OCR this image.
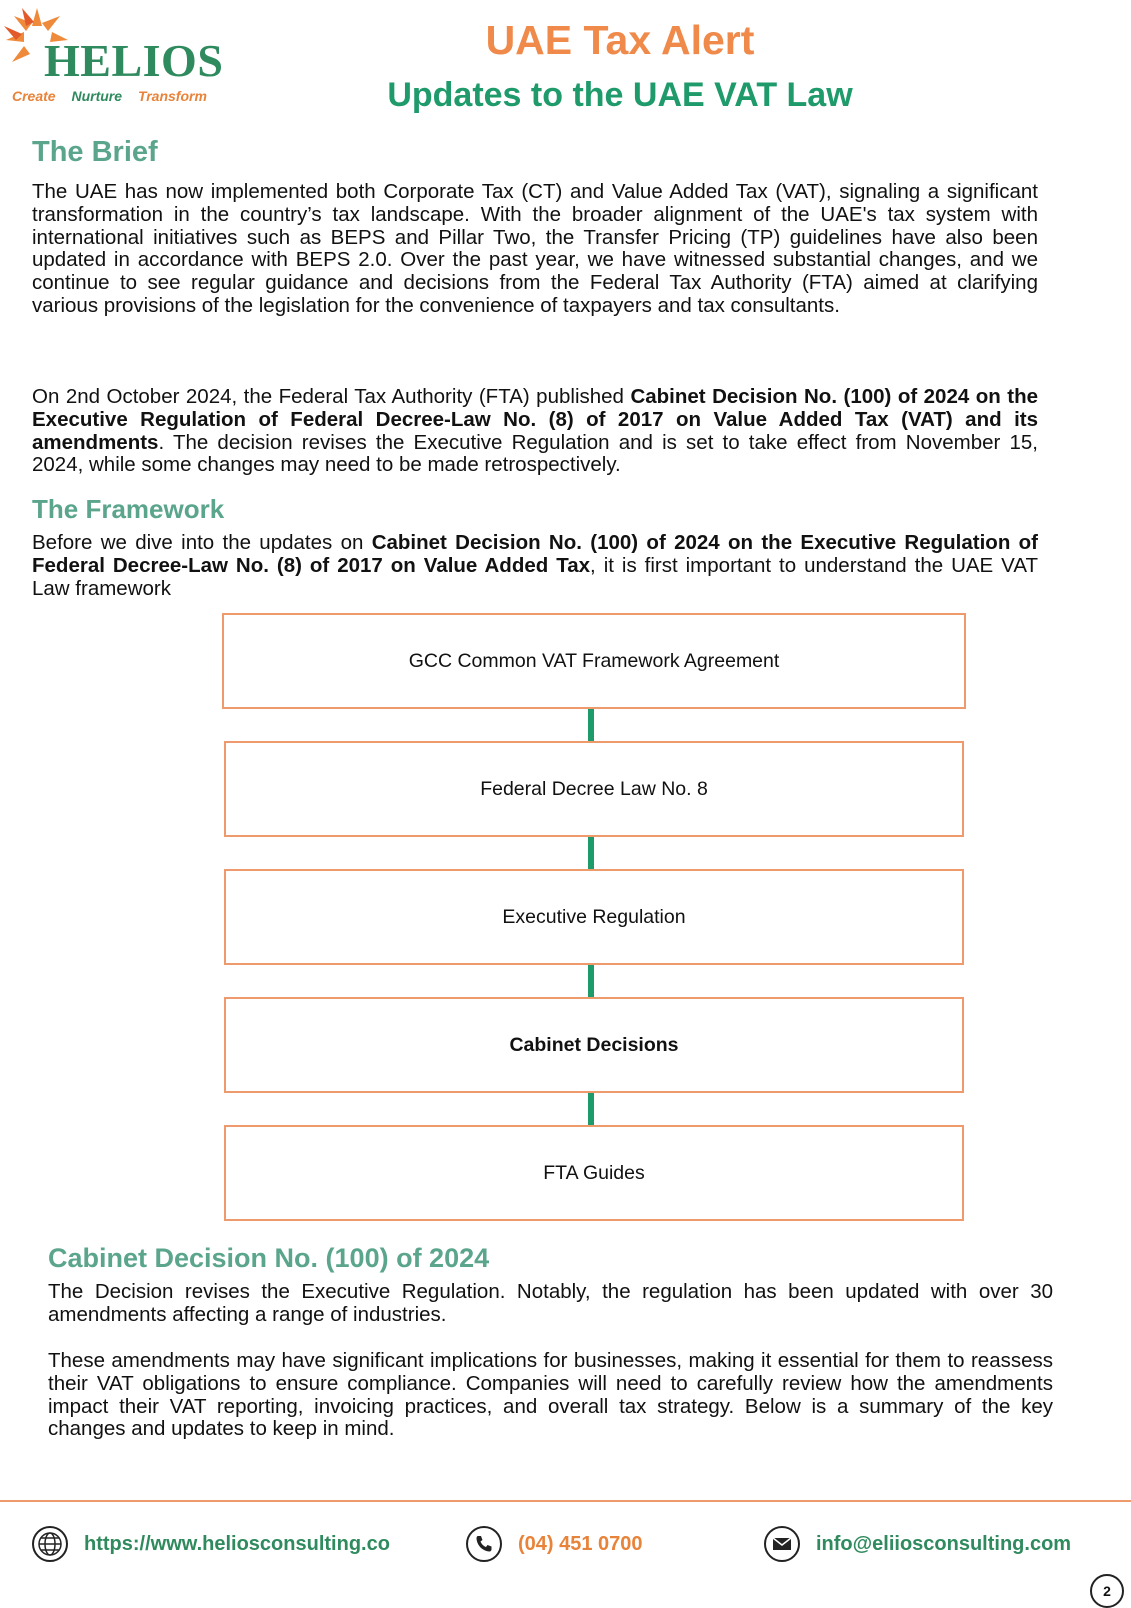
HELIOS
Create Nurture Transform
UAE Tax Alert
Updates to the UAE VAT Law
The Brief
The UAE has now implemented both Corporate Tax (CT) and Value Added Tax (VAT), signaling a significant transformation in the country’s tax landscape. With the broader alignment of the UAE's tax system with international initiatives such as BEPS and Pillar Two, the Transfer Pricing (TP) guidelines have also been updated in accordance with BEPS 2.0. Over the past year, we have witnessed substantial changes, and we continue to see regular guidance and decisions from the Federal Tax Authority (FTA) aimed at clarifying various provisions of the legislation for the convenience of taxpayers and tax consultants.
On 2nd October 2024, the Federal Tax Authority (FTA) published Cabinet Decision No. (100) of 2024 on the Executive Regulation of Federal Decree-Law No. (8) of 2017 on Value Added Tax (VAT) and its amendments. The decision revises the Executive Regulation and is set to take effect from November 15, 2024, while some changes may need to be made retrospectively.
The Framework
Before we dive into the updates on Cabinet Decision No. (100) of 2024 on the Executive Regulation of Federal Decree-Law No. (8) of 2017 on Value Added Tax, it is first important to understand the UAE VAT Law framework
GCC Common VAT Framework Agreement
Federal Decree Law No. 8
Executive Regulation
Cabinet Decisions
FTA Guides
Cabinet Decision No. (100) of 2024
The Decision revises the Executive Regulation. Notably, the regulation has been updated with over 30 amendments affecting a range of industries.
These amendments may have significant implications for businesses, making it essential for them to reassess their VAT obligations to ensure compliance. Companies will need to carefully review how the amendments impact their VAT reporting, invoicing practices, and overall tax strategy. Below is a summary of the key changes and updates to keep in mind.
https://www.heliosconsulting.co	(04) 451 0700	info@eliiosconsulting.com
2
